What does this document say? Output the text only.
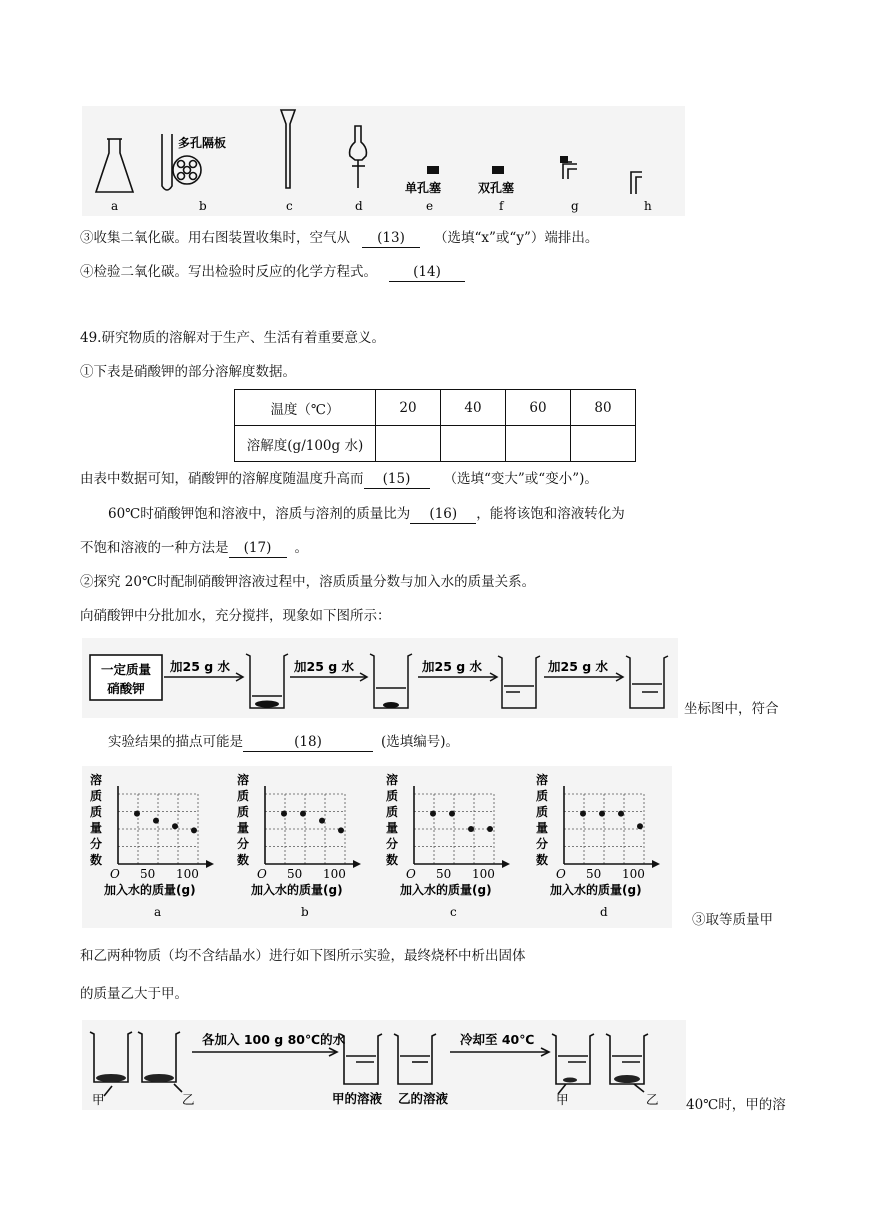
多孔隔板
单孔塞	双孔塞
a	b	c	d	e	f	g	h
③收集二氧化碳。用右图装置收集时，空气从 (13) （选填“x”或“y”）端排出。
④检验二氧化碳。写出检验时反应的化学方程式。	(14)
49.研究物质的溶解对于生产、生活有着重要意义。
①下表是硝酸钾的部分溶解度数据。
温度（℃）	20	40	60	80
溶解度(g/100g 水)				
由表中数据可知，硝酸钾的溶解度随温度升高而 (15) （选填“变大”或“变小”)。
60℃时硝酸钾饱和溶液中，溶质与溶剂的质量比为 (16) ，能将该饱和溶液转化为
不饱和溶液的一种方法是 (17) 。
②探究 20℃时配制硝酸钾溶液过程中，溶质质量分数与加入水的质量关系。
向硝酸钾中分批加水，充分搅拌，现象如下图所示：
一定质量
硝酸钾
加25 g 水	加25 g 水	加25 g 水	加25 g 水
坐标图中，符合
实验结果的描点可能是	(18)	(选填编号)。
溶
质
质
量
分
数
O 50 100
加入水的质量(g)
a
溶
质
质
量
分
数
O 50 100
加入水的质量(g)
b
溶
质
质
量
分
数
O 50 100
加入水的质量(g)
c
溶
质
质
量
分
数
O 50 100
加入水的质量(g)
d	③取等质量甲
和乙两种物质（均不含结晶水）进行如下图所示实验，最终烧杯中析出固体
的质量乙大于甲。
各加入 100 g 80℃的水	冷却至 40℃
甲的溶液 乙的溶液
甲	乙	甲	乙 40℃时，甲的溶
